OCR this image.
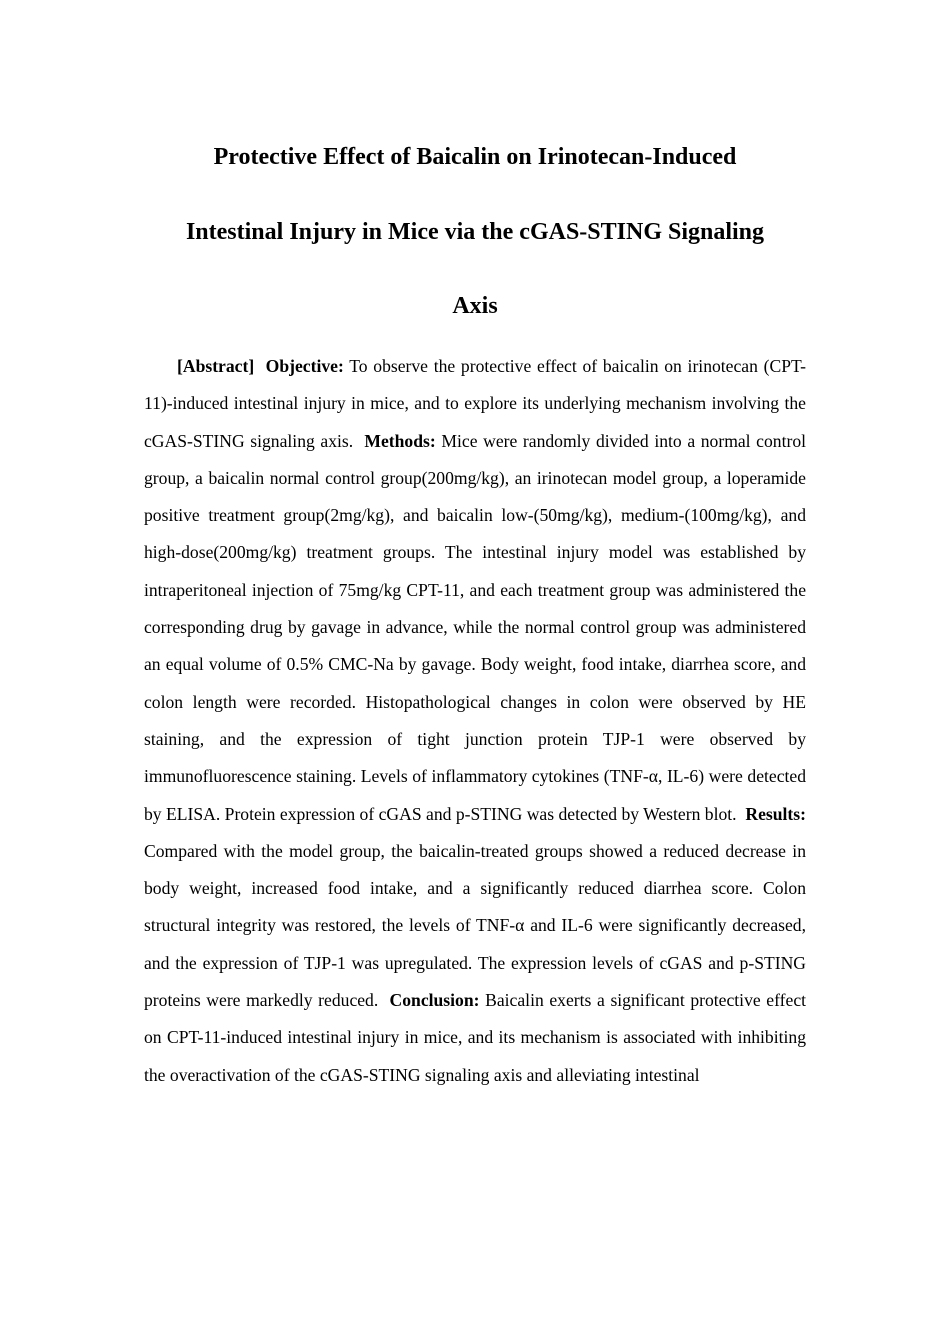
Protective Effect of Baicalin on Irinotecan-Induced
Intestinal Injury in Mice via the cGAS-STING Signaling
Axis

[Abstract] Objective: To observe the protective effect of baicalin on irinotecan (CPT-11)-induced intestinal injury in mice, and to explore its underlying mechanism involving the cGAS-STING signaling axis. Methods: Mice were randomly divided into a normal control group, a baicalin normal control group(200mg/kg), an irinotecan model group, a loperamide positive treatment group(2mg/kg), and baicalin low-(50mg/kg), medium-(100mg/kg), and high-dose(200mg/kg) treatment groups. The intestinal injury model was established by intraperitoneal injection of 75mg/kg CPT-11, and each treatment group was administered the corresponding drug by gavage in advance, while the normal control group was administered an equal volume of 0.5% CMC-Na by gavage. Body weight, food intake, diarrhea score, and colon length were recorded. Histopathological changes in colon were observed by HE staining, and the expression of tight junction protein TJP-1 were observed by immunofluorescence staining. Levels of inflammatory cytokines (TNF-α, IL-6) were detected by ELISA. Protein expression of cGAS and p-STING was detected by Western blot. Results: Compared with the model group, the baicalin-treated groups showed a reduced decrease in body weight, increased food intake, and a significantly reduced diarrhea score. Colon structural integrity was restored, the levels of TNF-α and IL-6 were significantly decreased, and the expression of TJP-1 was upregulated. The expression levels of cGAS and p-STING proteins were markedly reduced. Conclusion: Baicalin exerts a significant protective effect on CPT-11-induced intestinal injury in mice, and its mechanism is associated with inhibiting the overactivation of the cGAS-STING signaling axis and alleviating intestinal
